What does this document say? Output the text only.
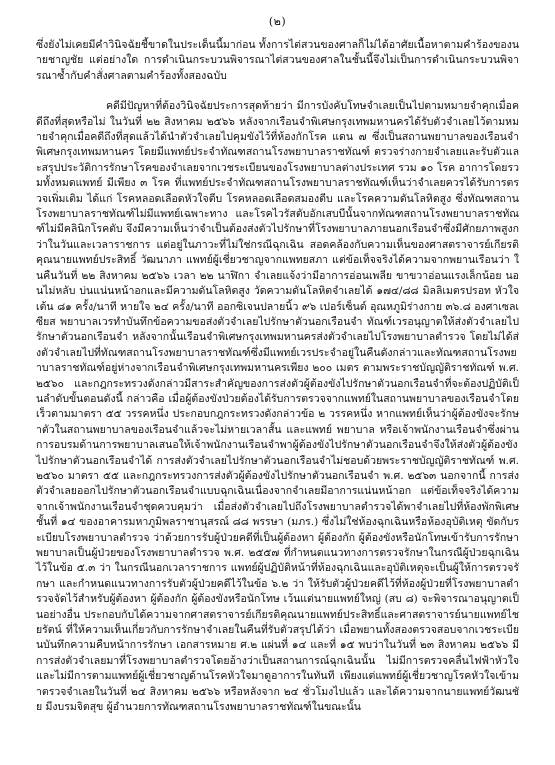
(๒)

ซึ่งยังไม่เคยมีคำวินิจฉัยชี้ขาดในประเด็นนี้มาก่อน ทั้งการไต่สวนของศาลก็ไม่ได้อาศัยเนื้อหาตามคำร้องของนายชาญชัย แต่อย่างใด การดำเนินกระบวนพิจารณาไต่สวนของศาลในชั้นนี้จึงไม่เป็นการดำเนินกระบวนพิจารณาซ้ำกับคำสั่งศาลตามคำร้องทั้งสองฉบับ

คดีมีปัญหาที่ต้องวินิจฉัยประการสุดท้ายว่า มีการบังคับโทษจำเลยเป็นไปตามหมายจำคุกเมื่อคดีถึงที่สุดหรือไม่ ในวันที่ ๒๒ สิงหาคม ๒๕๖๖ หลังจากเรือนจำพิเศษกรุงเทพมหานครได้รับตัวจำเลยไว้ตามหมายจำคุกเมื่อคดีถึงที่สุดแล้วได้นำตัวจำเลยไปคุมขังไว้ที่ห้องกักโรค แดน ๗ ซึ่งเป็นสถานพยาบาลของเรือนจำพิเศษกรุงเทพมหานคร โดยมีแพทย์ประจำทัณฑสถานโรงพยาบาลราชทัณฑ์ ตรวจร่างกายจำเลยและรับตัวและสรุปประวัติการรักษาโรคของจำเลยจากเวชระเบียนของโรงพยาบาลต่างประเทศ รวม ๑๐ โรค อาการโดยรวมทั้งหมดแพทย์ มีเพียง ๓ โรค ที่แพทย์ประจำทัณฑสถานโรงพยาบาลราชทัณฑ์เห็นว่าจำเลยควรได้รับการตรวจเพิ่มเติม ได้แก่ โรคหลอดเลือดหัวใจตีบ โรคหลอดเลือดสมองตีบ และโรคความดันโลหิตสูง ซึ่งทัณฑสถานโรงพยาบาลราชทัณฑ์ไม่มีแพทย์เฉพาะทาง และโรคไวรัสตับอักเสบบีนั้นจากทัณฑสถานโรงพยาบาลราชทัณฑ์ไม่มีคลินิกโรคตับ จึงมีความเห็นว่าจำเป็นต้องส่งตัวไปรักษาที่โรงพยาบาลภายนอกเรือนจำซึ่งมีศักยภาพสูงกว่าในวันและเวลาราชการ แต่อยู่ในภาวะที่ไม่ใช่กรณีฉุกเฉิน สอดคล้องกับความเห็นของศาสตราจารย์เกียรติคุณนายแพทย์ประสิทธิ์ วัฒนาภา แพทย์ผู้เชี่ยวชาญจากแพทยสภา แต่ข้อเท็จจริงได้ความจากพยานเรือนว่า ในคืนวันที่ ๒๒ สิงหาคม ๒๕๖๖ เวลา ๒๒ นาฬิกา จำเลยแจ้งว่ามีอาการอ่อนเพลีย ขาขวาอ่อนแรงเล็กน้อย นอนไม่หลับ บ่นแน่นหน้าอกและมีความดันโลหิตสูง วัดความดันโลหิตจำเลยได้ ๑๗๔/๘๘ มิลลิเมตรปรอท หัวใจเต้น ๘๑ ครั้ง/นาที หายใจ ๒๔ ครั้ง/นาที ออกซิเจนปลายนิ้ว ๙๖ เปอร์เซ็นต์ อุณหภูมิร่างกาย ๓๖.๘ องศาเซลเซียส พยาบาลเวรทำบันทึกข้อความขอส่งตัวจำเลยไปรักษาตัวนอกเรือนจำ ทัณฑ์เวรอนุญาตให้ส่งตัวจำเลยไปรักษาตัวนอกเรือนจำ หลังจากนั้นเรือนจำพิเศษกรุงเทพมหานครส่งตัวจำเลยไปโรงพยาบาลตำรวจ โดยไม่ได้ส่งตัวจำเลยไปที่ทัณฑสถานโรงพยาบาลราชทัณฑ์ซึ่งมีแพทย์เวรประจำอยู่ในคืนดังกล่าวและทัณฑสถานโรงพยาบาลราชทัณฑ์อยู่ห่างจากเรือนจำพิเศษกรุงเทพมหานครเพียง ๒๐๐ เมตร ตามพระราชบัญญัติราชทัณฑ์ พ.ศ. ๒๕๖๐ และกฎกระทรวงดังกล่าวมีสาระสำคัญของการส่งตัวผู้ต้องขังไปรักษาตัวนอกเรือนจำที่จะต้องปฏิบัติเป็นลำดับขั้นตอนดังนี้ กล่าวคือ เมื่อผู้ต้องขังป่วยต้องได้รับการตรวจจากแพทย์ในสถานพยาบาลของเรือนจำโดยเร็วตามมาตรา ๕๕ วรรคหนึ่ง ประกอบกฎกระทรวงดังกล่าวข้อ ๒ วรรคหนึ่ง หากแพทย์เห็นว่าผู้ต้องขังจะรักษาตัวในสถานพยาบาลของเรือนจำแล้วจะไม่หายเวลาสั้น และแพทย์ พยาบาล หรือเจ้าพนักงานเรือนจำซึ่งผ่านการอบรมด้านการพยาบาลเสนอให้เจ้าพนักงานเรือนจำพาผู้ต้องขังไปรักษาตัวนอกเรือนจำจึงให้ส่งตัวผู้ต้องขังไปรักษาตัวนอกเรือนจำได้ การส่งตัวจำเลยไปรักษาตัวนอกเรือนจำไม่ชอบด้วยพระราชบัญญัติราชทัณฑ์ พ.ศ. ๒๕๖๐ มาตรา ๕๕ และกฎกระทรวงการส่งตัวผู้ต้องขังไปรักษาตัวนอกเรือนจำ พ.ศ. ๒๕๖๓ นอกจากนี้ การส่งตัวจำเลยออกไปรักษาตัวนอกเรือนจำแบบฉุกเฉินเนื่องจากจำเลยมีอาการแน่นหน้าอก แต่ข้อเท็จจริงได้ความจากเจ้าพนักงานเรือนจำชุดควบคุมว่า เมื่อส่งตัวจำเลยไปถึงโรงพยาบาลตำรวจได้พาจำเลยไปที่ห้องพักพิเศษ ชั้นที่ ๑๔ ของอาคารมหาภูมิพลราชานุสรณ์ ๘๘ พรรษา (มภร.) ซึ่งไม่ใช่ห้องฉุกเฉินหรือห้องอุบัติเหตุ ขัดกับระเบียบโรงพยาบาลตำรวจ ว่าด้วยการรับผู้ป่วยคดีที่เป็นผู้ต้องหา ผู้ต้องกัก ผู้ต้องขังหรือนักโทษเข้ารับการรักษาพยาบาลเป็นผู้ป่วยของโรงพยาบาลตำรวจ พ.ศ. ๒๕๕๗ ที่กำหนดแนวทางการตรวจรักษาในกรณีผู้ป่วยฉุกเฉินไว้ในข้อ ๕.๓ ว่า ในกรณีนอกเวลาราชการ แพทย์ผู้ปฏิบัติหน้าที่ห้องฉุกเฉินและอุบัติเหตุจะเป็นผู้ให้การตรวจรักษา และกำหนดแนวทางการรับตัวผู้ป่วยคดีไว้ในข้อ ๖.๒ ว่า ให้รับตัวผู้ป่วยคดีไว้ที่ห้องผู้ป่วยที่โรงพยาบาลตำรวจจัดไว้สำหรับผู้ต้องหา ผู้ต้องกัก ผู้ต้องขังหรือนักโทษ เว้นแต่นายแพทย์ใหญ่ (สบ ๘) จะพิจารณาอนุญาตเป็นอย่างอื่น ประกอบกับได้ความจากศาสตราจารย์เกียรติคุณนายแพทย์ประสิทธิ์และศาสตราจารย์นายแพทย์ไชยรัตน์ ที่ให้ความเห็นเกี่ยวกับการรักษาจำเลยในคืนที่รับตัวสรุปได้ว่า เมื่อพยานทั้งสองตรวจสอบจากเวชระเบียนบันทึกความคืบหน้าการรักษา เอกสารหมาย ศ.๒ แผ่นที่ ๑๔ และที่ ๑๕ พบว่าในวันที่ ๒๓ สิงหาคม ๒๕๖๖ มีการส่งตัวจำเลยมาที่โรงพยาบาลตำรวจโดยอ้างว่าเป็นสถานการณ์ฉุกเฉินนั้น ไม่มีการตรวจคลื่นไฟฟ้าหัวใจ และไม่มีการตามแพทย์ผู้เชี่ยวชาญด้านโรคหัวใจมาดูอาการในทันที เพียงแต่แพทย์ผู้เชี่ยวชาญโรคหัวใจเข้ามาตรวจจำเลยในวันที่ ๒๔ สิงหาคม ๒๕๖๖ หรือหลังจาก ๒๔ ชั่วโมงไปแล้ว และได้ความจากนายแพทย์วัฒนชัย มีงบรมจิตสุข ผู้อำนวยการทัณฑสถานโรงพยาบาลราชทัณฑ์ในขณะนั้น
